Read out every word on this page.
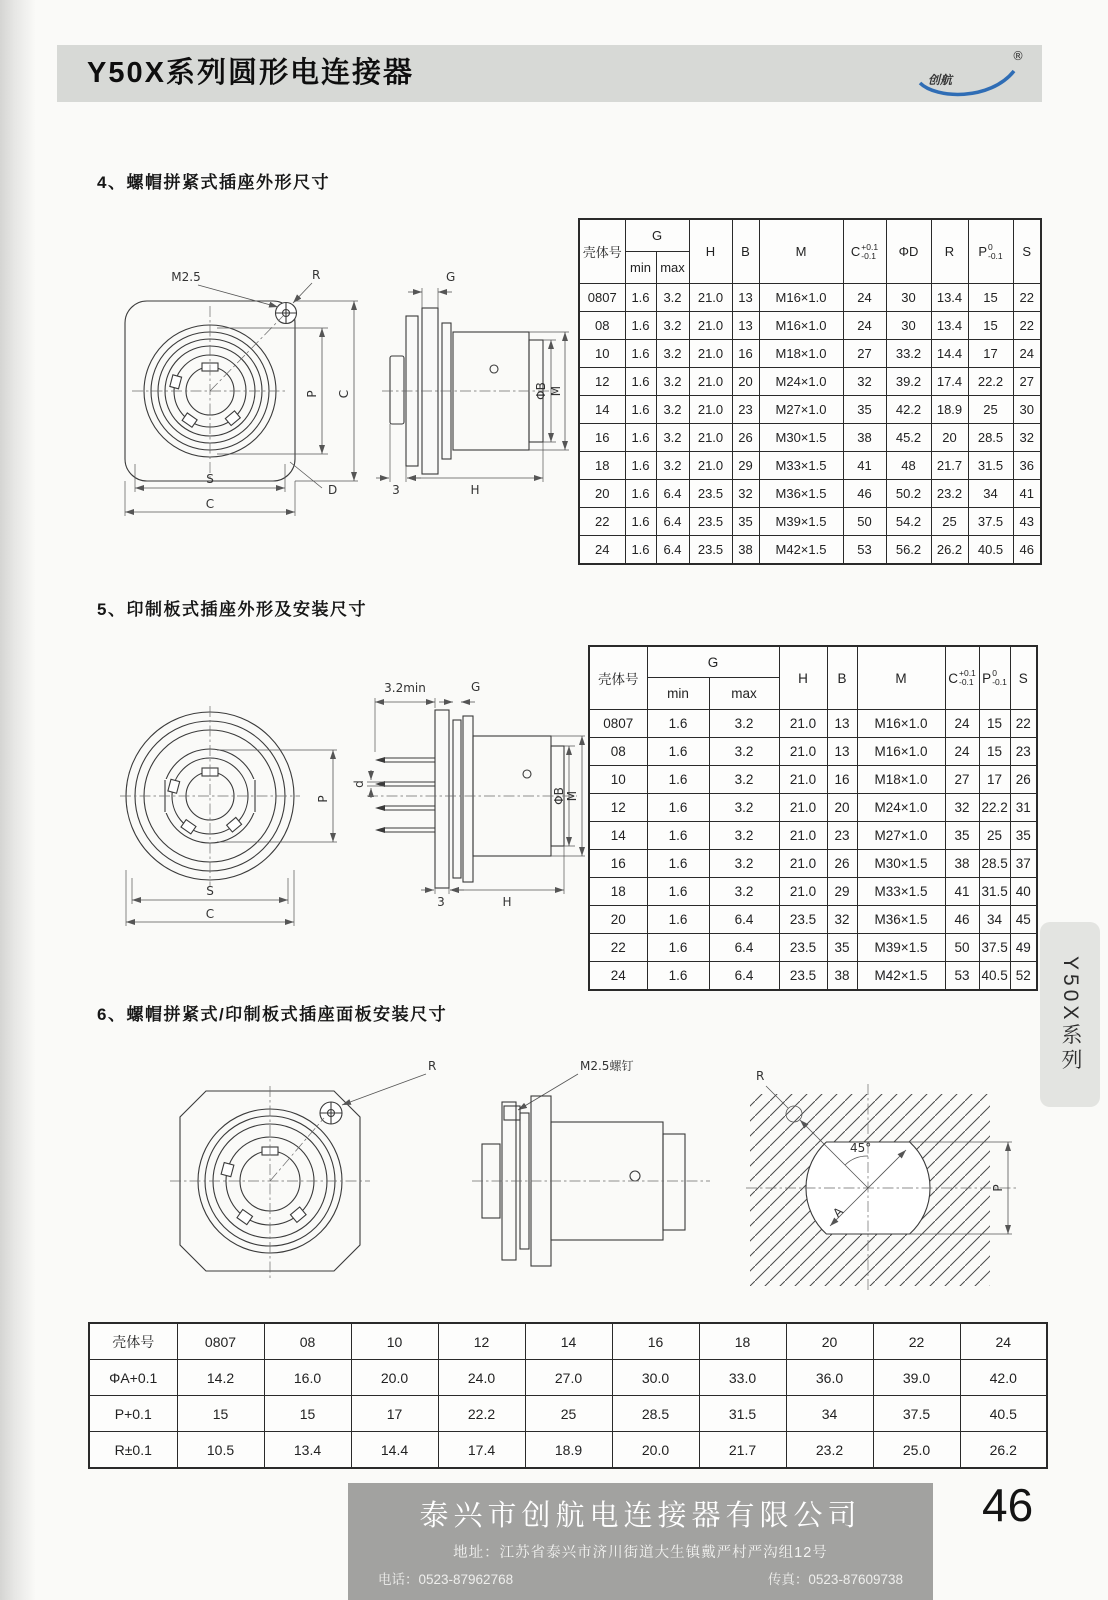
Y50X系列圆形电连接器	创航
®
4、螺帽拼紧式插座外形尺寸
P C
S
C
D
M2.5	R	G
ΦB M
3	H
壳体号	G		H	B	M	C +0.1
-0.1	ΦD	R	P 0
-0.1	S
	min	max								
0807	1.6	3.2	21.0	13	M16×1.0	24	30	13.4	15	22
08	1.6	3.2	21.0	13	M16×1.0	24	30	13.4	15	22
10	1.6	3.2	21.0	16	M18×1.0	27	33.2	14.4	17	24
12	1.6	3.2	21.0	20	M24×1.0	32	39.2	17.4	22.2	27
14	1.6	3.2	21.0	23	M27×1.0	35	42.2	18.9	25	30
16	1.6	3.2	21.0	26	M30×1.5	38	45.2	20	28.5	32
18	1.6	3.2	21.0	29	M33×1.5	41	48	21.7	31.5	36
20	1.6	6.4	23.5	32	M36×1.5	46	50.2	23.2	34	41
22	1.6	6.4	23.5	35	M39×1.5	50	54.2	25	37.5	43
24	1.6	6.4	23.5	38	M42×1.5	53	56.2	26.2	40.5	46
5、印制板式插座外形及安装尺寸
P
S
C
d
3.2min	G
ΦB M
3	H
壳体号	G		H	B	M	C +0.1
-0.1	P 0
-0.1	S
	min	max						
0807	1.6	3.2	21.0	13	M16×1.0	24	15	22
08	1.6	3.2	21.0	13	M16×1.0	24	15	23
10	1.6	3.2	21.0	16	M18×1.0	27	17	26
12	1.6	3.2	21.0	20	M24×1.0	32	22.2	31
14	1.6	3.2	21.0	23	M27×1.0	35	25	35
16	1.6	3.2	21.0	26	M30×1.5	38	28.5	37
18	1.6	3.2	21.0	29	M33×1.5	41	31.5	40
20	1.6	6.4	23.5	32	M36×1.5	46	34	45
22	1.6	6.4	23.5	35	M39×1.5	50	37.5	49
24	1.6	6.4	23.5	38	M42×1.5	53	40.5	52
6、螺帽拼紧式/印制板式插座面板安装尺寸
R	M2.5螺钉
P
R
45°
A
壳体号	0807	08	10	12	14	16	18	20	22	24
ΦA+0.1	14.2	16.0	20.0	24.0	27.0	30.0	33.0	36.0	39.0	42.0
P+0.1	15	15	17	22.2	25	28.5	31.5	34	37.5	40.5
R±0.1	10.5	13.4	14.4	17.4	18.9	20.0	21.7	23.2	25.0	26.2
Y50X系列
泰兴市创航电连接器有限公司
地址：江苏省泰兴市济川街道大生镇戴严村严沟组12号
电话：0523-87962768	传真：0523-87609738
46
